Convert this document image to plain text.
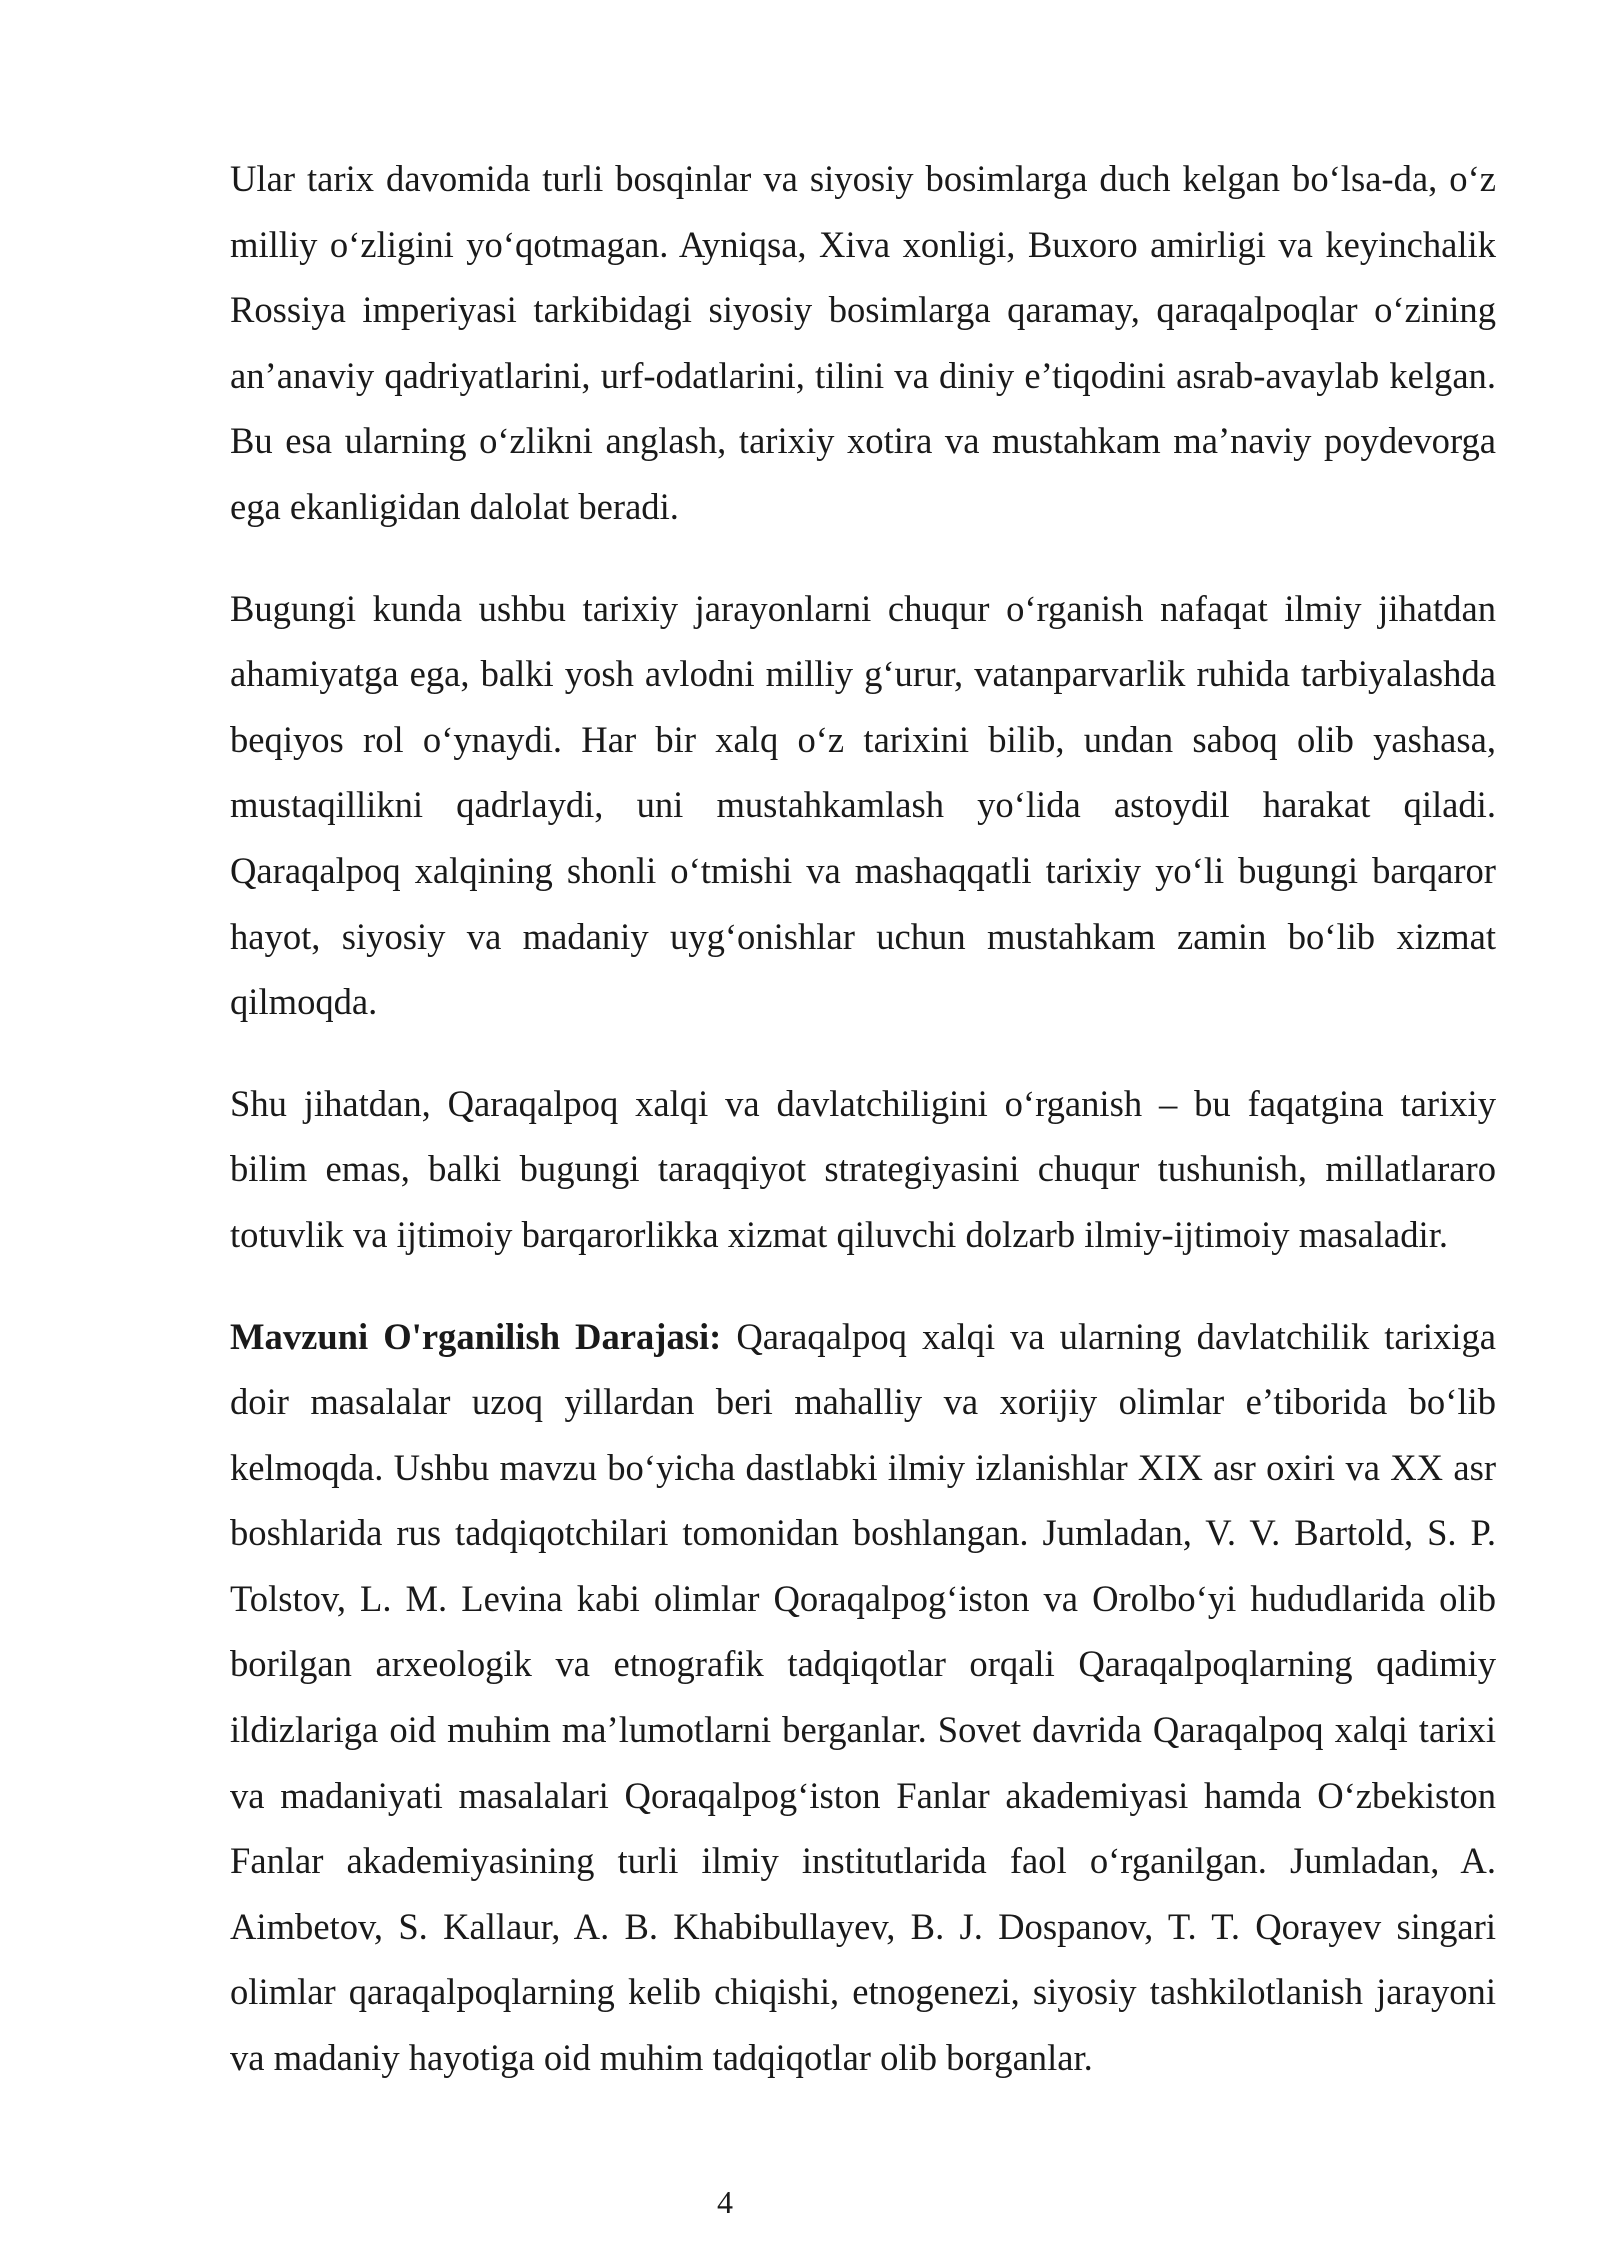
Ular tarix davomida turli bosqinlar va siyosiy bosimlarga duch kelgan bo‘lsa-da, o‘z milliy o‘zligini yo‘qotmagan. Ayniqsa, Xiva xonligi, Buxoro amirligi va keyinchalik Rossiya imperiyasi tarkibidagi siyosiy bosimlarga qaramay, qaraqalpoqlar o‘zining an’anaviy qadriyatlarini, urf-odatlarini, tilini va diniy e’tiqodini asrab-avaylab kelgan. Bu esa ularning o‘zlikni anglash, tarixiy xotira va mustahkam ma’naviy poydevorga ega ekanligidan dalolat beradi.

Bugungi kunda ushbu tarixiy jarayonlarni chuqur o‘rganish nafaqat ilmiy jihatdan ahamiyatga ega, balki yosh avlodni milliy g‘urur, vatanparvarlik ruhida tarbiyalashda beqiyos rol o‘ynaydi. Har bir xalq o‘z tarixini bilib, undan saboq olib yashasa, mustaqillikni qadrlaydi, uni mustahkamlash yo‘lida astoydil harakat qiladi. Qaraqalpoq xalqining shonli o‘tmishi va mashaqqatli tarixiy yo‘li bugungi barqaror hayot, siyosiy va madaniy uyg‘onishlar uchun mustahkam zamin bo‘lib xizmat qilmoqda.

Shu jihatdan, Qaraqalpoq xalqi va davlatchiligini o‘rganish – bu faqatgina tarixiy bilim emas, balki bugungi taraqqiyot strategiyasini chuqur tushunish, millatlararo totuvlik va ijtimoiy barqarorlikka xizmat qiluvchi dolzarb ilmiy-ijtimoiy masaladir.

Mavzuni O'rganilish Darajasi: Qaraqalpoq xalqi va ularning davlatchilik tarixiga doir masalalar uzoq yillardan beri mahalliy va xorijiy olimlar e’tiborida bo‘lib kelmoqda. Ushbu mavzu bo‘yicha dastlabki ilmiy izlanishlar XIX asr oxiri va XX asr boshlarida rus tadqiqotchilari tomonidan boshlangan. Jumladan, V. V. Bartold, S. P. Tolstov, L. M. Levina kabi olimlar Qoraqalpog‘iston va Orolbo‘yi hududlarida olib borilgan arxeologik va etnografik tadqiqotlar orqali Qaraqalpoqlarning qadimiy ildizlariga oid muhim ma’lumotlarni berganlar. Sovet davrida Qaraqalpoq xalqi tarixi va madaniyati masalalari Qoraqalpog‘iston Fanlar akademiyasi hamda O‘zbekiston Fanlar akademiyasining turli ilmiy institutlarida faol o‘rganilgan. Jumladan, A. Aimbetov, S. Kallaur, A. B. Khabibullayev, B. J. Dospanov, T. T. Qorayev singari olimlar qaraqalpoqlarning kelib chiqishi, etnogenezi, siyosiy tashkilotlanish jarayoni va madaniy hayotiga oid muhim tadqiqotlar olib borganlar.

4
